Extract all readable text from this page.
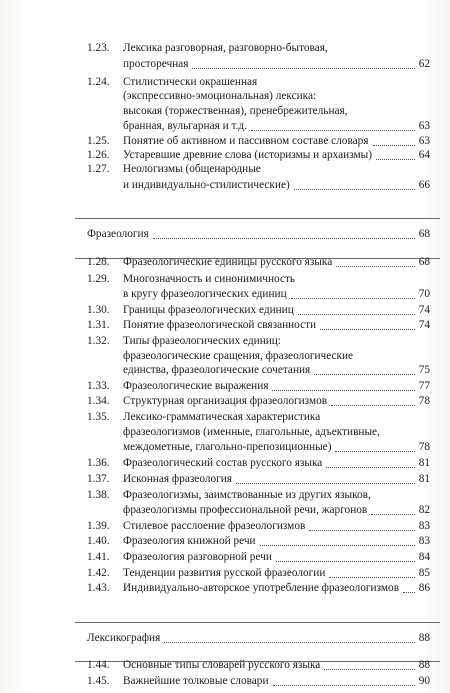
1.23.	Лексика разговорная, разговорно-бытовая,
просторечная	62
1.24.	Стилистически окрашенная
(экспрессивно-эмоциональная) лексика:
высокая (торжественная), пренебрежительная,
бранная, вульгарная и т.д.	63
1.25.	Понятие об активном и пассивном составе словаря	63
1.26.	Устаревшие древние слова (историзмы и архаизмы)	64
1.27.	Неологизмы (общенародные
и индивидуально-стилистические)	66
Фразеология	68
1.28.	Фразеологические единицы русского языка	68
1.29.	Многозначность и синонимичность
в кругу фразеологических единиц	70
1.30.	Границы фразеологических единиц	74
1.31.	Понятие фразеологической связанности	74
1.32.	Типы фразеологических единиц:
фразеологические сращения, фразеологические
единства, фразеологические сочетания	75
1.33.	Фразеологические выражения	77
1.34.	Структурная организация фразеологизмов	78
1.35.	Лексико-грамматическая характеристика
фразеологизмов (именные, глагольные, адъективные,
междометные, глагольно-препозиционные)	78
1.36.	Фразеологический состав русского языка	81
1.37.	Исконная фразеология	81
1.38.	Фразеологизмы, заимствованные из других языков,
фразеологизмы профессиональной речи, жаргонов	82
1.39.	Стилевое расслоение фразеологизмов	83
1.40.	Фразеология книжной речи	83
1.41.	Фразеология разговорной речи	84
1.42.	Тенденции развития русской фразеологии	85
1.43.	Индивидуально-авторское употребление фразеологизмов 86
Лексикография	88
1.44.	Основные типы словарей русского языка	88
1.45.	Важнейшие толковые словари	90
